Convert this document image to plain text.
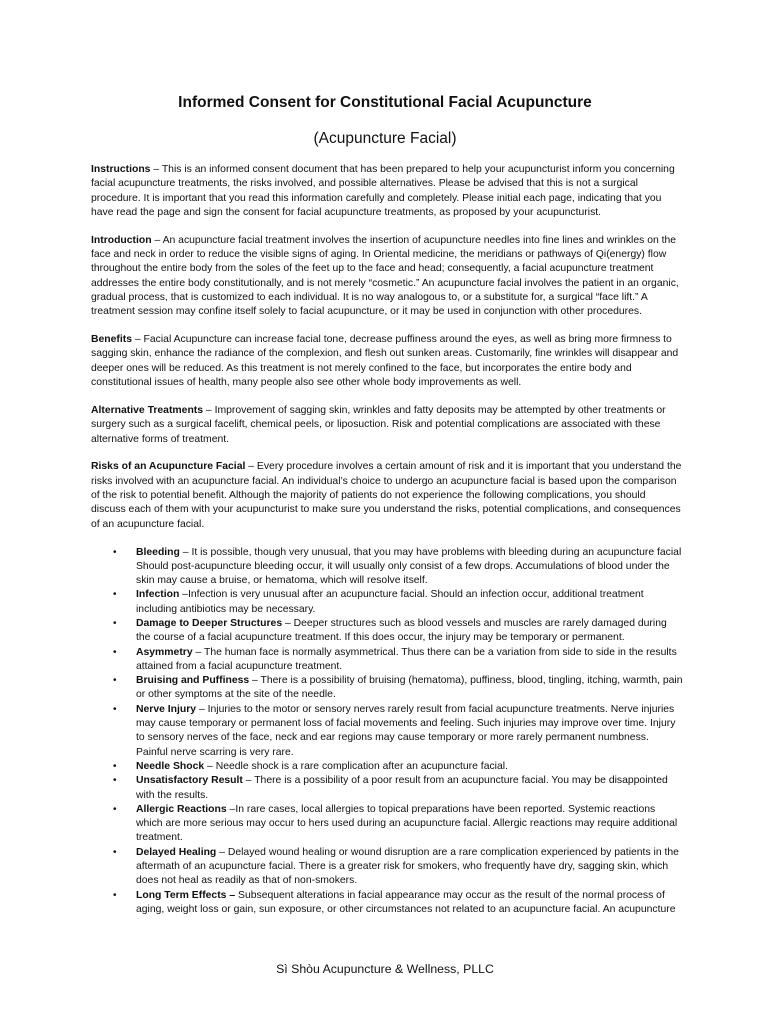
Informed Consent for Constitutional Facial Acupuncture
(Acupuncture Facial)

Instructions – This is an informed consent document that has been prepared to help your acupuncturist inform you concerning facial acupuncture treatments, the risks involved, and possible alternatives. Please be advised that this is not a surgical procedure. It is important that you read this information carefully and completely. Please initial each page, indicating that you have read the page and sign the consent for facial acupuncture treatments, as proposed by your acupuncturist.

Introduction – An acupuncture facial treatment involves the insertion of acupuncture needles into fine lines and wrinkles on the face and neck in order to reduce the visible signs of aging. In Oriental medicine, the meridians or pathways of Qi(energy) flow throughout the entire body from the soles of the feet up to the face and head; consequently, a facial acupuncture treatment addresses the entire body constitutionally, and is not merely “cosmetic.” An acupuncture facial involves the patient in an organic, gradual process, that is customized to each individual. It is no way analogous to, or a substitute for, a surgical “face lift.” A treatment session may confine itself solely to facial acupuncture, or it may be used in conjunction with other procedures.

Benefits – Facial Acupuncture can increase facial tone, decrease puffiness around the eyes, as well as bring more firmness to sagging skin, enhance the radiance of the complexion, and flesh out sunken areas. Customarily, fine wrinkles will disappear and deeper ones will be reduced. As this treatment is not merely confined to the face, but incorporates the entire body and constitutional issues of health, many people also see other whole body improvements as well.

Alternative Treatments – Improvement of sagging skin, wrinkles and fatty deposits may be attempted by other treatments or surgery such as a surgical facelift, chemical peels, or liposuction. Risk and potential complications are associated with these alternative forms of treatment.

Risks of an Acupuncture Facial – Every procedure involves a certain amount of risk and it is important that you understand the risks involved with an acupuncture facial. An individual’s choice to undergo an acupuncture facial is based upon the comparison of the risk to potential benefit. Although the majority of patients do not experience the following complications, you should discuss each of them with your acupuncturist to make sure you understand the risks, potential complications, and consequences of an acupuncture facial.

• Bleeding – It is possible, though very unusual, that you may have problems with bleeding during an acupuncture facial Should post-acupuncture bleeding occur, it will usually only consist of a few drops. Accumulations of blood under the skin may cause a bruise, or hematoma, which will resolve itself.
• Infection –Infection is very unusual after an acupuncture facial. Should an infection occur, additional treatment including antibiotics may be necessary.
• Damage to Deeper Structures – Deeper structures such as blood vessels and muscles are rarely damaged during the course of a facial acupuncture treatment. If this does occur, the injury may be temporary or permanent.
• Asymmetry – The human face is normally asymmetrical. Thus there can be a variation from side to side in the results attained from a facial acupuncture treatment.
• Bruising and Puffiness – There is a possibility of bruising (hematoma), puffiness, blood, tingling, itching, warmth, pain or other symptoms at the site of the needle.
• Nerve Injury – Injuries to the motor or sensory nerves rarely result from facial acupuncture treatments. Nerve injuries may cause temporary or permanent loss of facial movements and feeling. Such injuries may improve over time. Injury to sensory nerves of the face, neck and ear regions may cause temporary or more rarely permanent numbness. Painful nerve scarring is very rare.
• Needle Shock – Needle shock is a rare complication after an acupuncture facial.
• Unsatisfactory Result – There is a possibility of a poor result from an acupuncture facial. You may be disappointed with the results.
• Allergic Reactions –In rare cases, local allergies to topical preparations have been reported. Systemic reactions which are more serious may occur to hers used during an acupuncture facial. Allergic reactions may require additional treatment.
• Delayed Healing – Delayed wound healing or wound disruption are a rare complication experienced by patients in the aftermath of an acupuncture facial. There is a greater risk for smokers, who frequently have dry, sagging skin, which does not heal as readily as that of non-smokers.
• Long Term Effects – Subsequent alterations in facial appearance may occur as the result of the normal process of aging, weight loss or gain, sun exposure, or other circumstances not related to an acupuncture facial. An acupuncture
Sì Shòu Acupuncture & Wellness, PLLC
